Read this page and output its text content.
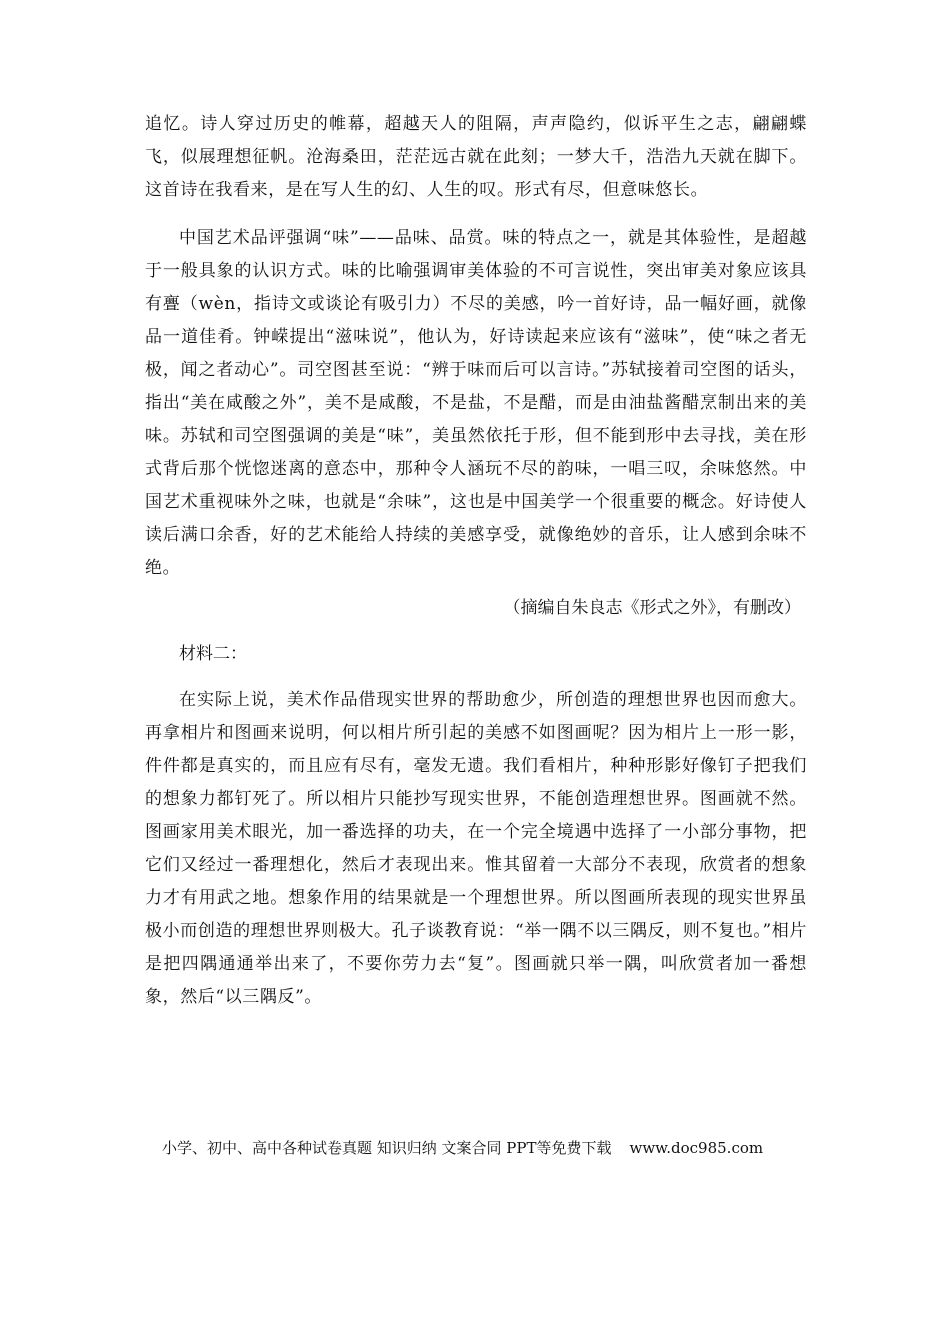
追忆。诗人穿过历史的帷幕，超越天人的阻隔，声声隐约，似诉平生之志，翩翩蝶飞，似展理想征帆。沧海桑田，茫茫远古就在此刻；一梦大千，浩浩九天就在脚下。这首诗在我看来，是在写人生的幻、人生的叹。形式有尽，但意味悠长。

中国艺术品评强调“味”——品味、品赏。味的特点之一，就是其体验性，是超越于一般具象的认识方式。味的比喻强调审美体验的不可言说性，突出审美对象应该具有亹（wèn，指诗文或谈论有吸引力）不尽的美感，吟一首好诗，品一幅好画，就像品一道佳肴。钟嵘提出“滋味说”，他认为，好诗读起来应该有“滋味”，使“味之者无极，闻之者动心”。司空图甚至说：“辨于味而后可以言诗。”苏轼接着司空图的话头，指出“美在咸酸之外”，美不是咸酸，不是盐，不是醋，而是由油盐酱醋烹制出来的美味。苏轼和司空图强调的美是“味”，美虽然依托于形，但不能到形中去寻找，美在形式背后那个恍惚迷离的意态中，那种令人涵玩不尽的韵味，一唱三叹，余味悠然。中国艺术重视味外之味，也就是“余味”，这也是中国美学一个很重要的概念。好诗使人读后满口余香，好的艺术能给人持续的美感享受，就像绝妙的音乐，让人感到余味不绝。

（摘编自朱良志《形式之外》，有删改）

材料二：

在实际上说，美术作品借现实世界的帮助愈少，所创造的理想世界也因而愈大。再拿相片和图画来说明，何以相片所引起的美感不如图画呢？因为相片上一形一影，件件都是真实的，而且应有尽有，毫发无遗。我们看相片，种种形影好像钉子把我们的想象力都钉死了。所以相片只能抄写现实世界，不能创造理想世界。图画就不然。图画家用美术眼光，加一番选择的功夫，在一个完全境遇中选择了一小部分事物，把它们又经过一番理想化，然后才表现出来。惟其留着一大部分不表现，欣赏者的想象力才有用武之地。想象作用的结果就是一个理想世界。所以图画所表现的现实世界虽极小而创造的理想世界则极大。孔子谈教育说：“举一隅不以三隅反，则不复也。”相片是把四隅通通举出来了，不要你劳力去“复”。图画就只举一隅，叫欣赏者加一番想象，然后“以三隅反”。

小学、初中、高中各种试卷真题 知识归纳 文案合同 PPT等免费下载 www.doc985.com
